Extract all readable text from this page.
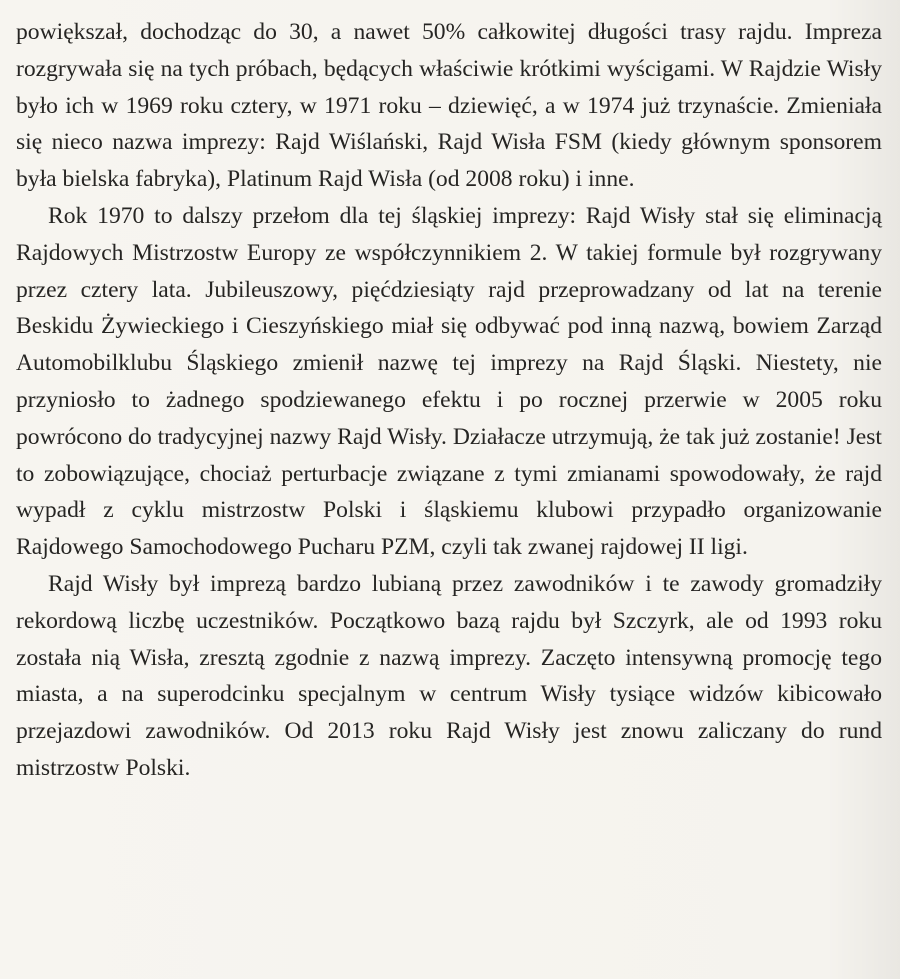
powiększał, dochodząc do 30, a nawet 50% całkowitej długości trasy rajdu. Impreza rozgrywała się na tych próbach, będących właściwie krótkimi wyścigami. W Rajdzie Wisły było ich w 1969 roku cztery, w 1971 roku – dziewięć, a w 1974 już trzynaście. Zmieniała się nieco nazwa imprezy: Rajd Wiślański, Rajd Wisła FSM (kiedy głównym sponsorem była bielska fabryka), Platinum Rajd Wisła (od 2008 roku) i inne.

Rok 1970 to dalszy przełom dla tej śląskiej imprezy: Rajd Wisły stał się eliminacją Rajdowych Mistrzostw Europy ze współczynnikiem 2. W takiej formule był rozgrywany przez cztery lata. Jubileuszowy, pięćdziesiąty rajd przeprowadzany od lat na terenie Beskidu Żywieckiego i Cieszyńskiego miał się odbywać pod inną nazwą, bowiem Zarząd Automobilklubu Śląskiego zmienił nazwę tej imprezy na Rajd Śląski. Niestety, nie przyniosło to żadnego spodziewanego efektu i po rocznej przerwie w 2005 roku powrócono do tradycyjnej nazwy Rajd Wisły. Działacze utrzymują, że tak już zostanie! Jest to zobowiązujące, chociaż perturbacje związane z tymi zmianami spowodowały, że rajd wypadł z cyklu mistrzostw Polski i śląskiemu klubowi przypadło organizowanie Rajdowego Samochodowego Pucharu PZM, czyli tak zwanej rajdowej II ligi.

Rajd Wisły był imprezą bardzo lubianą przez zawodników i te zawody gromadziły rekordową liczbę uczestników. Początkowo bazą rajdu był Szczyrk, ale od 1993 roku została nią Wisła, zresztą zgodnie z nazwą imprezy. Zaczęto intensywną promocję tego miasta, a na superodcinku specjalnym w centrum Wisły tysiące widzów kibicowało przejazdowi zawodników. Od 2013 roku Rajd Wisły jest znowu zaliczany do rund mistrzostw Polski.
